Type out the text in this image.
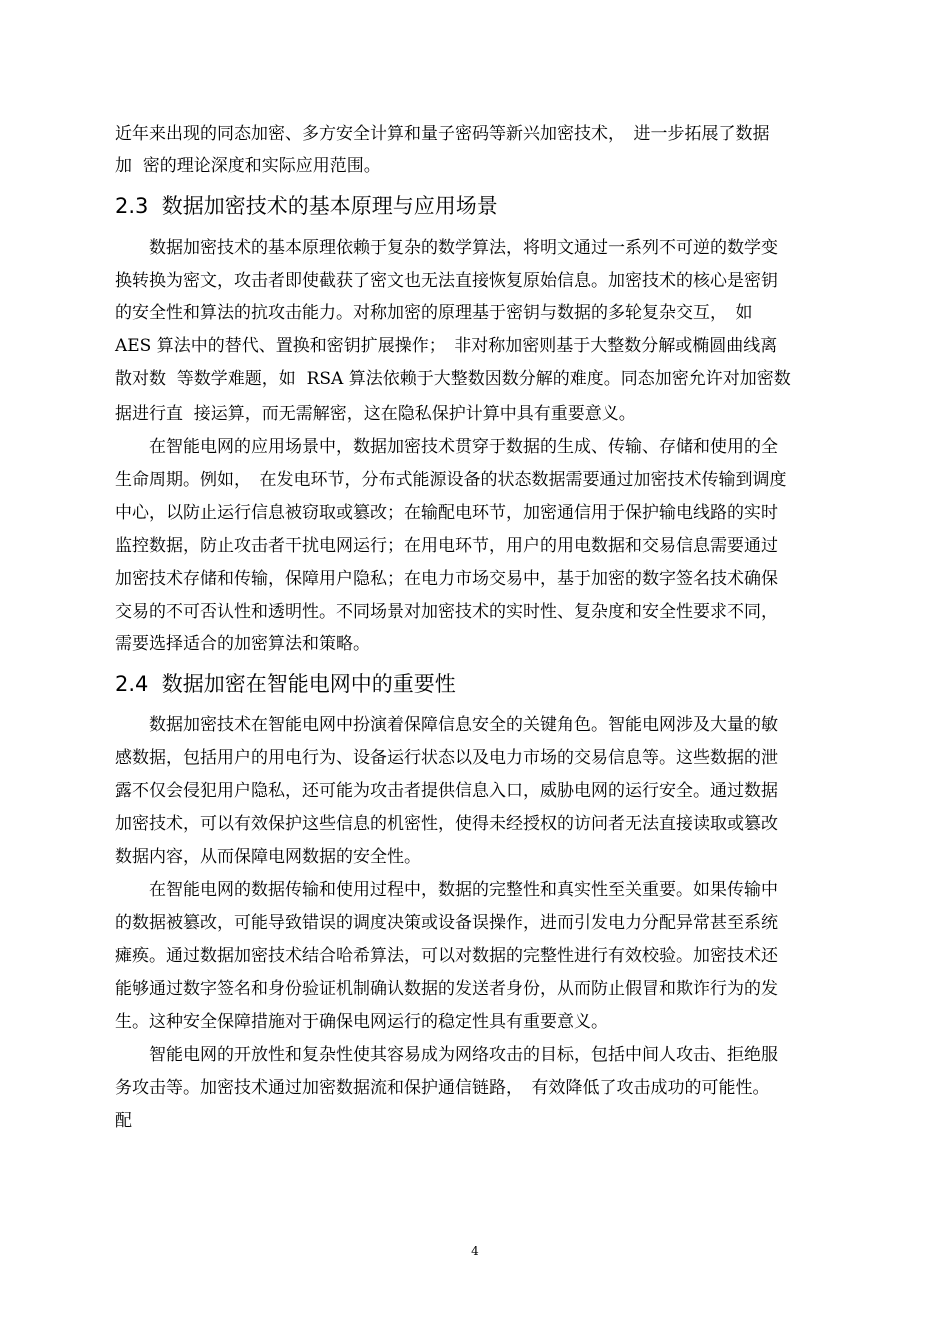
近年来出现的同态加密、多方安全计算和量子密码等新兴加密技术，　进一步拓展了数据
加  密的理论深度和实际应用范围。
2.3  数据加密技术的基本原理与应用场景
　　数据加密技术的基本原理依赖于复杂的数学算法，将明文通过一系列不可逆的数学变
换转换为密文，攻击者即使截获了密文也无法直接恢复原始信息。加密技术的核心是密钥
的安全性和算法的抗攻击能力。对称加密的原理基于密钥与数据的多轮复杂交互，　如
AES 算法中的替代、置换和密钥扩展操作；　非对称加密则基于大整数分解或椭圆曲线离
散对数  等数学难题，如  RSA 算法依赖于大整数因数分解的难度。同态加密允许对加密数
据进行直  接运算，而无需解密，这在隐私保护计算中具有重要意义。
　　在智能电网的应用场景中，数据加密技术贯穿于数据的生成、传输、存储和使用的全
生命周期。例如，　在发电环节，分布式能源设备的状态数据需要通过加密技术传输到调度
中心，以防止运行信息被窃取或篡改；在输配电环节，加密通信用于保护输电线路的实时
监控数据，防止攻击者干扰电网运行；在用电环节，用户的用电数据和交易信息需要通过
加密技术存储和传输，保障用户隐私；在电力市场交易中，基于加密的数字签名技术确保
交易的不可否认性和透明性。不同场景对加密技术的实时性、复杂度和安全性要求不同，
需要选择适合的加密算法和策略。
2.4  数据加密在智能电网中的重要性
　　数据加密技术在智能电网中扮演着保障信息安全的关键角色。智能电网涉及大量的敏
感数据，包括用户的用电行为、设备运行状态以及电力市场的交易信息等。这些数据的泄
露不仅会侵犯用户隐私，还可能为攻击者提供信息入口，威胁电网的运行安全。通过数据
加密技术，可以有效保护这些信息的机密性，使得未经授权的访问者无法直接读取或篡改
数据内容，从而保障电网数据的安全性。
　　在智能电网的数据传输和使用过程中，数据的完整性和真实性至关重要。如果传输中
的数据被篡改，可能导致错误的调度决策或设备误操作，进而引发电力分配异常甚至系统
瘫痪。通过数据加密技术结合哈希算法，可以对数据的完整性进行有效校验。加密技术还
能够通过数字签名和身份验证机制确认数据的发送者身份，从而防止假冒和欺诈行为的发
生。这种安全保障措施对于确保电网运行的稳定性具有重要意义。
　　智能电网的开放性和复杂性使其容易成为网络攻击的目标，包括中间人攻击、拒绝服
务攻击等。加密技术通过加密数据流和保护通信链路，　有效降低了攻击成功的可能性。
配
4
